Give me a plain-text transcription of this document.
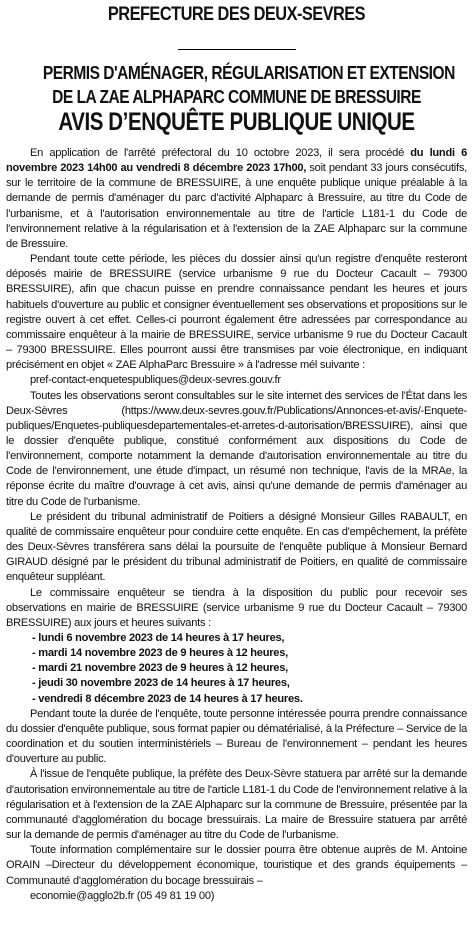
PREFECTURE DES DEUX-SEVRES
PERMIS D'AMÉNAGER, RÉGULARISATION ET EXTENSION
DE LA ZAE ALPHAPARC COMMUNE DE BRESSUIRE
AVIS D’ENQUÊTE PUBLIQUE UNIQUE

En application de l'arrêté préfectoral du 10 octobre 2023, il sera procédé du lundi 6 novembre 2023 14h00 au vendredi 8 décembre 2023 17h00, soit pendant 33 jours consécutifs, sur le territoire de la commune de BRESSUIRE, à une enquête publique unique préalable à la demande de permis d'aménager du parc d'activité Alphaparc à Bressuire, au titre du Code de l'urbanisme, et à l'autorisation environnementale au titre de l'article L181-1 du Code de l'environnement relative à la régularisation et à l'extension de la ZAE Alphaparc sur la commune de Bressuire.

Pendant toute cette période, les pièces du dossier ainsi qu'un registre d'enquête resteront déposés mairie de BRESSUIRE (service urbanisme 9 rue du Docteur Cacault – 79300 BRESSUIRE), afin que chacun puisse en prendre connaissance pendant les heures et jours habituels d'ouverture au public et consigner éventuellement ses observations et propositions sur le registre ouvert à cet effet. Celles-ci pourront également être adressées par correspondance au commissaire enquêteur à la mairie de BRESSUIRE, service urbanisme 9 rue du Docteur Cacault – 79300 BRESSUIRE. Elles pourront aussi être transmises par voie électronique, en indiquant précisément en objet « ZAE AlphaParc Bressuire » à l'adresse mél suivante :

pref-contact-enquetespubliques@deux-sevres.gouv.fr

Toutes les observations seront consultables sur le site internet des services de l'État dans les Deux-Sèvres (https://www.deux-sevres.gouv.fr/Publications/Annonces-et-avis/-Enquete-publiques/Enquetes-publiquesdepartementales-et-arretes-d-autorisation/BRESSUIRE), ainsi que le dossier d'enquête publique, constitué conformément aux dispositions du Code de l'environnement, comporte notamment la demande d'autorisation environnementale au titre du Code de l'environnement, une étude d'impact, un résumé non technique, l'avis de la MRAe, la réponse écrite du maître d'ouvrage à cet avis, ainsi qu'une demande de permis d'aménager au titre du Code de l'urbanisme.

Le président du tribunal administratif de Poitiers a désigné Monsieur Gilles RABAULT, en qualité de commissaire enquêteur pour conduire cette enquête. En cas d'empêchement, la préfète des Deux-Sèvres transférera sans délai la poursuite de l'enquête publique à Monsieur Bernard GIRAUD désigné par le président du tribunal administratif de Poitiers, en qualité de commissaire enquêteur suppléant.

Le commissaire enquêteur se tiendra à la disposition du public pour recevoir ses observations en mairie de BRESSUIRE (service urbanisme 9 rue du Docteur Cacault – 79300 BRESSUIRE) aux jours et heures suivants :

- lundi 6 novembre 2023 de 14 heures à 17 heures,
- mardi 14 novembre 2023 de 9 heures à 12 heures,
- mardi 21 novembre 2023 de 9 heures à 12 heures,
- jeudi 30 novembre 2023 de 14 heures à 17 heures,
- vendredi 8 décembre 2023 de 14 heures à 17 heures.

Pendant toute la durée de l'enquête, toute personne intéressée pourra prendre connaissance du dossier d'enquête publique, sous format papier ou dématérialisé, à la Préfecture – Service de la coordination et du soutien interministériels – Bureau de l'environnement – pendant les heures d'ouverture au public.

À l'issue de l'enquête publique, la préfète des Deux-Sèvre statuera par arrêté sur la demande d'autorisation environnementale au titre de l'article L181-1 du Code de l'environnement relative à la régularisation et à l'extension de la ZAE Alphaparc sur la commune de Bressuire, présentée par la communauté d'agglomération du bocage bressuirais. La maire de Bressuire statuera par arrêté sur la demande de permis d'aménager au titre du Code de l'urbanisme.

Toute information complémentaire sur le dossier pourra être obtenue auprès de M. Antoine ORAIN –Directeur du développement économique, touristique et des grands équipements – Communauté d'agglomération du bocage bressuirais –

economie@agglo2b.fr (05 49 81 19 00)
